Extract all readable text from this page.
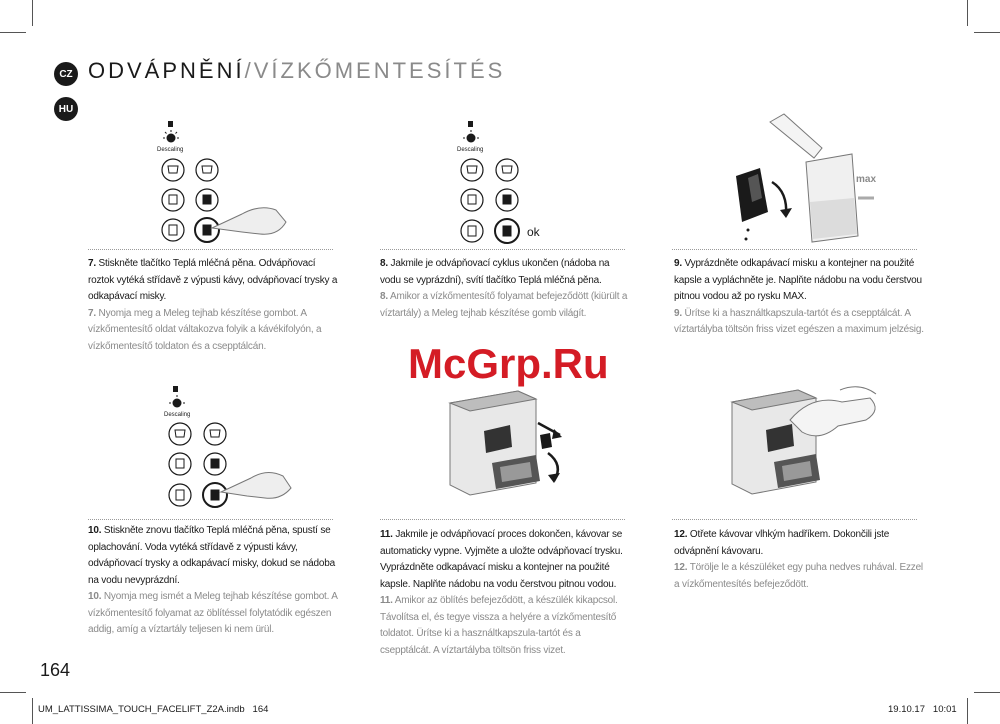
CZ
HU
ODVÁPNĚNÍ/VÍZKŐMENTESÍTÉS
Descaling	Descaling
ok
max
Descaling

7. Stiskněte tlačítko Teplá mléčná pěna. Odvápňovací roztok vytéká střídavě z výpusti kávy, odvápňovací trysky a odkapávací misky.

7. Nyomja meg a Meleg tejhab készítése gombot. A vízkőmentesítő oldat váltakozva folyik a kávékifolyón, a vízkőmentesítő toldaton és a csepptálcán.

8. Jakmile je odvápňovací cyklus ukončen (nádoba na vodu se vyprázdní), svítí tlačítko Teplá mléčná pěna.

8. Amikor a vízkőmentesítő folyamat befejeződött (kiürült a víztartály) a Meleg tejhab készítése gomb világít.

9. Vyprázdněte odkapávací misku a kontejner na použité kapsle a vypláchněte je. Naplňte nádobu na vodu čerstvou pitnou vodou až po rysku MAX.

9. Ürítse ki a használtkapszula-tartót és a csepptálcát. A víztartályba töltsön friss vizet egészen a maximum jelzésig.

10. Stiskněte znovu tlačítko Teplá mléčná pěna, spustí se oplachování. Voda vytéká střídavě z výpusti kávy, odvápňovací trysky a odkapávací misky, dokud se nádoba na vodu nevyprázdní.

10. Nyomja meg ismét a Meleg tejhab készítése gombot. A vízkőmentesítő folyamat az öblítéssel folytatódik egészen addig, amíg a víztartály teljesen ki nem ürül.

11. Jakmile je odvápňovací proces dokončen, kávovar se automaticky vypne. Vyjměte a uložte odvápňovací trysku. Vyprázdněte odkapávací misku a kontejner na použité kapsle. Naplňte nádobu na vodu čerstvou pitnou vodou.

11. Amikor az öblítés befejeződött, a készülék kikapcsol. Távolítsa el, és tegye vissza a helyére a vízkőmentesítő toldatot. Ürítse ki a használtkapszula-tartót és a csepptálcát. A víztartályba töltsön friss vizet.

12. Otřete kávovar vlhkým hadříkem. Dokončili jste odvápnění kávovaru.

12. Törölje le a készüléket egy puha nedves ruhával. Ezzel a vízkőmentesítés befejeződött.

McGrp.Ru
164
UM_LATTISSIMA_TOUCH_FACELIFT_Z2A.indb 164	19.10.17 10:01
